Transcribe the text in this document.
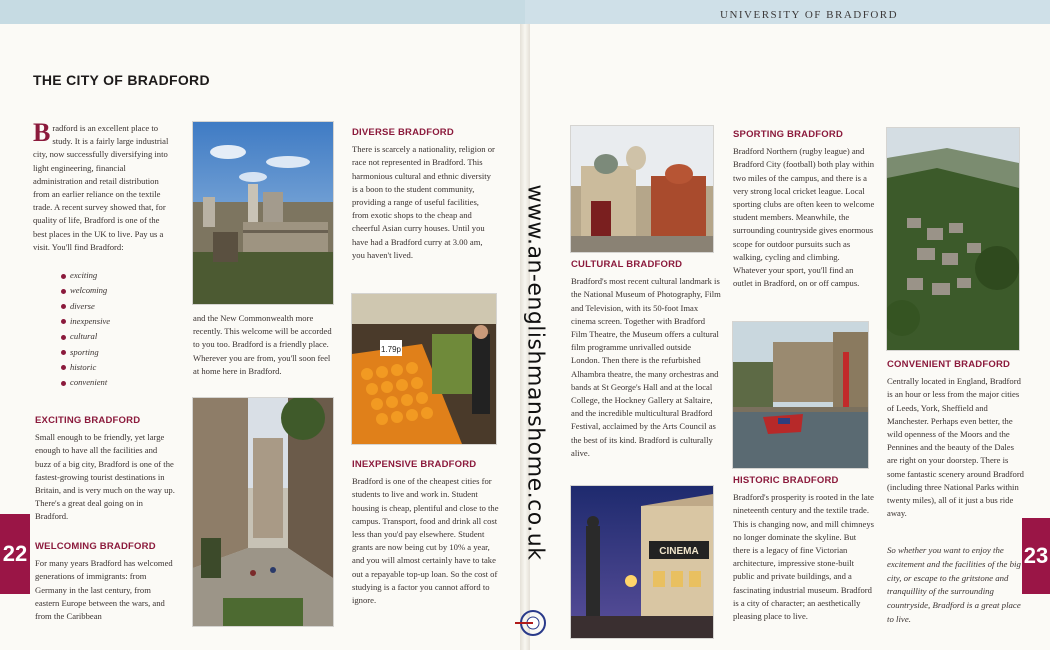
UNIVERSITY OF BRADFORD
THE CITY OF BRADFORD

Bradford is an excellent place to study. It is a fairly large industrial city, now successfully diversifying into light engineering, financial administration and retail distribution from an earlier reliance on the textile trade. A recent survey showed that, for quality of life, Bradford is one of the best places in the UK to live. Pay us a visit. You'll find Bradford:

exciting
welcoming
diverse
inexpensive
cultural
sporting
historic
convenient
EXCITING BRADFORD

Small enough to be friendly, yet large enough to have all the facilities and buzz of a big city, Bradford is one of the fastest-growing tourist destinations in Britain, and is very much on the way up. There's a great deal going on in Bradford.

WELCOMING BRADFORD

For many years Bradford has welcomed generations of immigrants: from Germany in the last century, from eastern Europe between the wars, and from the Caribbean

22

and the New Commonwealth more recently. This welcome will be accorded to you too. Bradford is a friendly place. Wherever you are from, you'll soon feel at home here in Bradford.

DIVERSE BRADFORD

There is scarcely a nationality, religion or race not represented in Bradford. This harmonious cultural and ethnic diversity is a boon to the student community, providing a range of useful facilities, from exotic shops to the cheap and cheerful Asian curry houses. Until you have had a Bradford curry at 3.00 am, you haven't lived.

1.79p
INEXPENSIVE BRADFORD

Bradford is one of the cheapest cities for students to live and work in. Student housing is cheap, plentiful and close to the campus. Transport, food and drink all cost less than you'd pay elsewhere. Student grants are now being cut by 10% a year, and you will almost certainly have to take out a repayable top-up loan. So the cost of studying is a factor you cannot afford to ignore.

www.an-englishmanshome.co.uk CULTURAL BRADFORD

Bradford's most recent cultural landmark is the National Museum of Photography, Film and Television, with its 50-foot Imax cinema screen. Together with Bradford Film Theatre, the Museum offers a cultural film programme unrivalled outside London. Then there is the refurbished Alhambra theatre, the many orchestras and bands at St George's Hall and at the local College, the Hockney Gallery at Saltaire, and the incredible multicultural Bradford Festival, acclaimed by the Arts Council as the best of its kind. Bradford is culturally alive.

CINEMA
SPORTING BRADFORD

Bradford Northern (rugby league) and Bradford City (football) both play within two miles of the campus, and there is a very strong local cricket league. Local sporting clubs are often keen to welcome student members. Meanwhile, the surrounding countryside gives enormous scope for outdoor pursuits such as walking, cycling and climbing. Whatever your sport, you'll find an outlet in Bradford, on or off campus.

HISTORIC BRADFORD

Bradford's prosperity is rooted in the late nineteenth century and the textile trade. This is changing now, and mill chimneys no longer dominate the skyline. But there is a legacy of fine Victorian architecture, impressive stone-built public and private buildings, and a fascinating industrial museum. Bradford is a city of character; an aesthetically pleasing place to live.

CONVENIENT BRADFORD

Centrally located in England, Bradford is an hour or less from the major cities of Leeds, York, Sheffield and Manchester. Perhaps even better, the wild openness of the Moors and the Pennines and the beauty of the Dales are right on your doorstep. There is some fantastic scenery around Bradford (including three National Parks within twenty miles), all of it just a bus ride away.

So whether you want to enjoy the excitement and the facilities of the big city, or escape to the gritstone and tranquillity of the surrounding countryside, Bradford is a great place to live.
23
